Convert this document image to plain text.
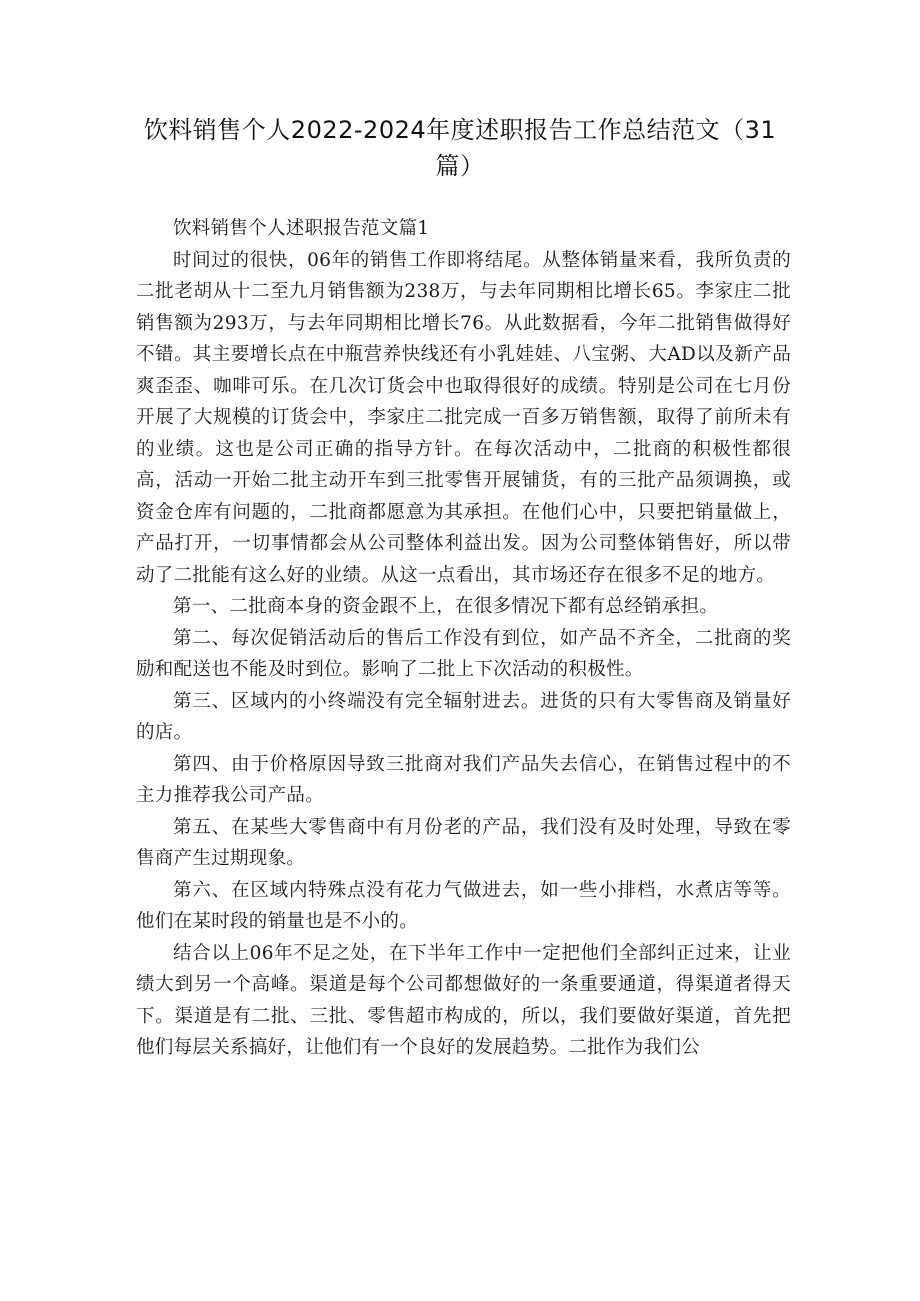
饮料销售个人2022-2024年度述职报告工作总结范文（31篇）

饮料销售个人述职报告范文篇1

时间过的很快，06年的销售工作即将结尾。从整体销量来看，我所负责的二批老胡从十二至九月销售额为238万，与去年同期相比增长65。李家庄二批销售额为293万，与去年同期相比增长76。从此数据看，今年二批销售做得好不错。其主要增长点在中瓶营养快线还有小乳娃娃、八宝粥、大AD以及新产品爽歪歪、咖啡可乐。在几次订货会中也取得很好的成绩。特别是公司在七月份开展了大规模的订货会中，李家庄二批完成一百多万销售额，取得了前所未有的业绩。这也是公司正确的指导方针。在每次活动中，二批商的积极性都很高，活动一开始二批主动开车到三批零售开展铺货，有的三批产品须调换，或资金仓库有问题的，二批商都愿意为其承担。在他们心中，只要把销量做上，产品打开，一切事情都会从公司整体利益出发。因为公司整体销售好，所以带动了二批能有这么好的业绩。从这一点看出，其市场还存在很多不足的地方。

第一、二批商本身的资金跟不上，在很多情况下都有总经销承担。

第二、每次促销活动后的售后工作没有到位，如产品不齐全，二批商的奖励和配送也不能及时到位。影响了二批上下次活动的积极性。

第三、区域内的小终端没有完全辐射进去。进货的只有大零售商及销量好的店。

第四、由于价格原因导致三批商对我们产品失去信心，在销售过程中的不主力推荐我公司产品。

第五、在某些大零售商中有月份老的产品，我们没有及时处理，导致在零售商产生过期现象。

第六、在区域内特殊点没有花力气做进去，如一些小排档，水煮店等等。他们在某时段的销量也是不小的。

结合以上06年不足之处，在下半年工作中一定把他们全部纠正过来，让业绩大到另一个高峰。渠道是每个公司都想做好的一条重要通道，得渠道者得天下。渠道是有二批、三批、零售超市构成的，所以，我们要做好渠道，首先把他们每层关系搞好，让他们有一个良好的发展趋势。二批作为我们公
